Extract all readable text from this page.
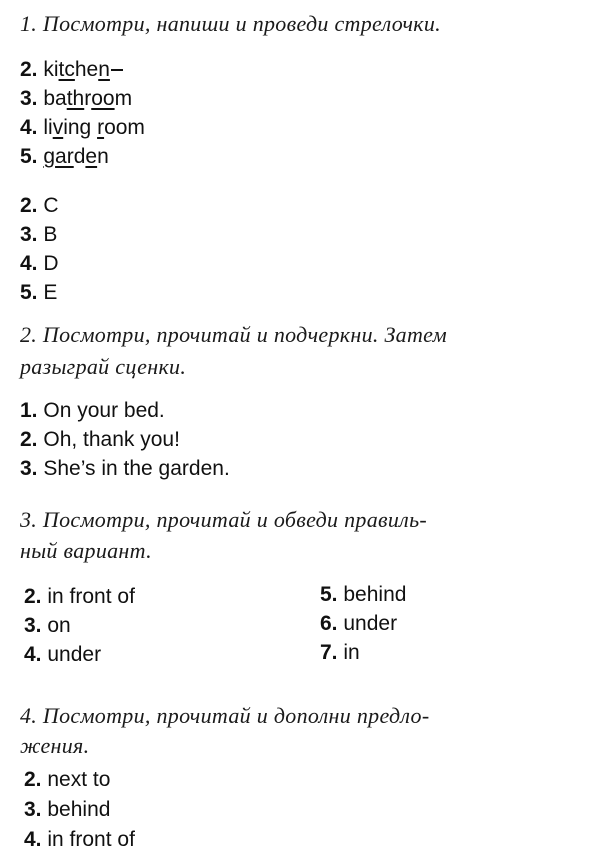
1. Посмотри, напиши и проведи стрелочки.
2. kitchen
3. bathroom
4. living room
5. garden
2. C
3. B
4. D
5. E
2. Посмотри, прочитай и подчеркни. Затем
разыграй сценки.
1. On your bed.
2. Oh, thank you!
3. She’s in the garden.
3. Посмотри, прочитай и обведи правиль-
ный вариант.
2. in front of
3. on
4. under
5. behind
6. under
7. in
4. Посмотри, прочитай и дополни предло-
жения.
2. next to
3. behind
4. in front of
